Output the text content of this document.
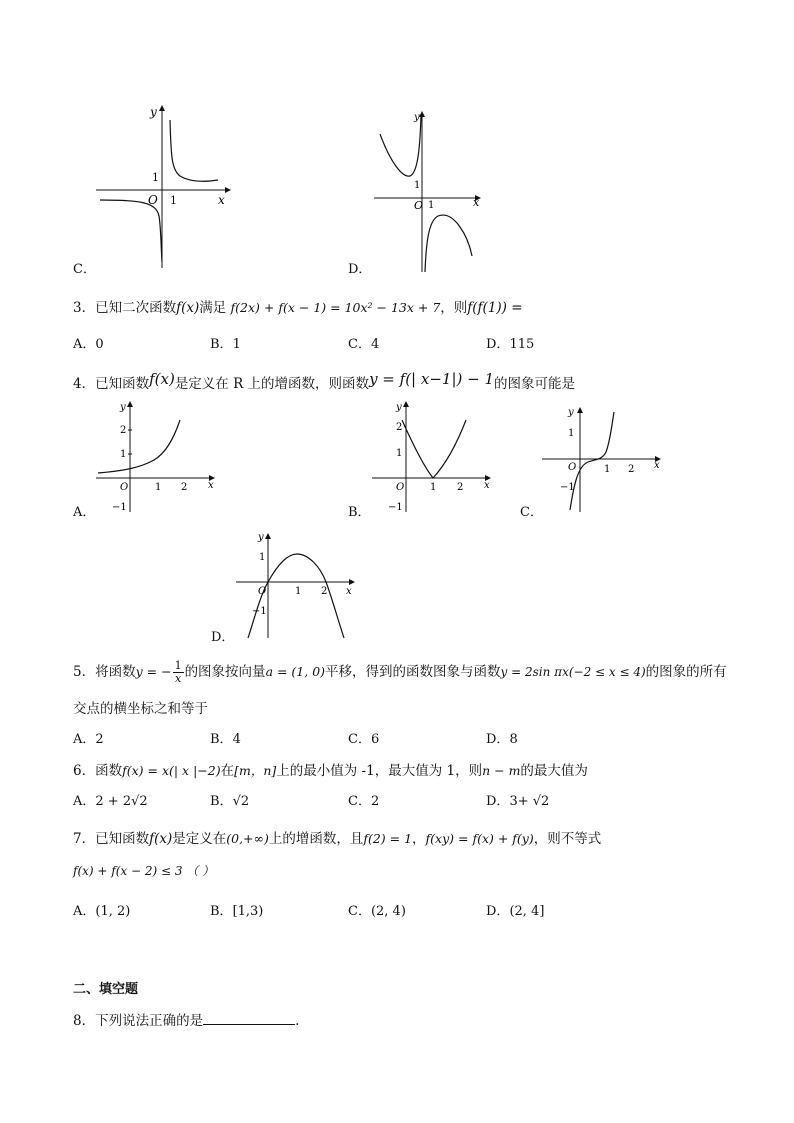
y
x
O 1
1
C．
y
x
O 1
1
D．
3．已知二次函数f(x)满足 f(2x) + f(x − 1) = 10x² − 13x + 7，则f(f(1)) =
A．0	B．1	C．4	D．115
4．已知函数f(x)是定义在 R 上的增函数，则函数y = f(| x−1|) − 1的图象可能是
y
x
O	1 2
2
1
−1
A．
y
x
O	1 2
2
1
−1
B．
y
x
O	1 2
1
−1
C．
y
x
O	1 2
1
−1
D．
5．将函数y = − $\frac{1}{x}$ 的图象按向量a = (1, 0)平移，得到的函数图象与函数y = 2sin πx(−2 ≤ x ≤ 4)的图象的所有
交点的横坐标之和等于
A．2	B．4	C．6	D．8
6．函数f(x) = x(| x |−2)在[m，n]上的最小值为 -1，最大值为 1，则n − m的最大值为
A．2 + 2√2	B．√2	C．2	D．3+ √2
7．已知函数f(x)是定义在(0,+∞)上的增函数，且f(2) = 1，f(xy) = f(x) + f(y)，则不等式
f(x) + f(x − 2) ≤ 3 （ ）
A．(1, 2)	B．[1,3)	C．(2, 4)	D．(2, 4]
二、填空题
8．下列说法正确的是	.
